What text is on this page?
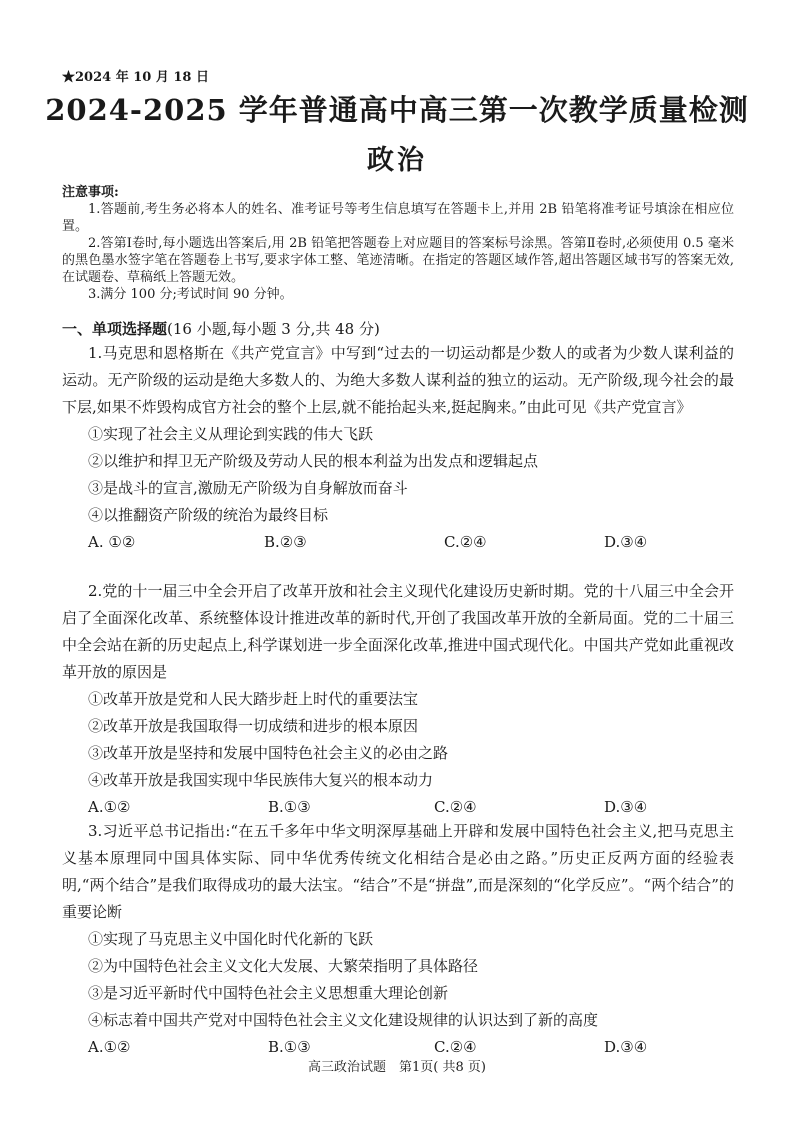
★2024 年 10 月 18 日
2024-2025 学年普通高中高三第一次教学质量检测
政治
注意事项:

1.答题前,考生务必将本人的姓名、准考证号等考生信息填写在答题卡上,并用 2B 铅笔将准考证号填涂在相应位置。

2.答第Ⅰ卷时,每小题选出答案后,用 2B 铅笔把答题卷上对应题目的答案标号涂黑。答第Ⅱ卷时,必须使用 0.5 毫米的黑色墨水签字笔在答题卷上书写,要求字体工整、笔迹清晰。在指定的答题区域作答,超出答题区域书写的答案无效,在试题卷、草稿纸上答题无效。

3.满分 100 分;考试时间 90 分钟。

一、单项选择题(16 小题,每小题 3 分,共 48 分)

1.马克思和恩格斯在《共产党宣言》中写到“过去的一切运动都是少数人的或者为少数人谋利益的运动。无产阶级的运动是绝大多数人的、为绝大多数人谋利益的独立的运动。无产阶级,现今社会的最下层,如果不炸毁构成官方社会的整个上层,就不能抬起头来,挺起胸来。”由此可见《共产党宣言》

①实现了社会主义从理论到实践的伟大飞跃

②以维护和捍卫无产阶级及劳动人民的根本利益为出发点和逻辑起点

③是战斗的宣言,激励无产阶级为自身解放而奋斗

④以推翻资产阶级的统治为最终目标

A. ①②	B.②③	C.②④	D.③④

2.党的十一届三中全会开启了改革开放和社会主义现代化建设历史新时期。党的十八届三中全会开启了全面深化改革、系统整体设计推进改革的新时代,开创了我国改革开放的全新局面。党的二十届三中全会站在新的历史起点上,科学谋划进一步全面深化改革,推进中国式现代化。中国共产党如此重视改革开放的原因是

①改革开放是党和人民大踏步赶上时代的重要法宝

②改革开放是我国取得一切成绩和进步的根本原因

③改革开放是坚持和发展中国特色社会主义的必由之路

④改革开放是我国实现中华民族伟大复兴的根本动力

A.①②	B.①③	C.②④	D.③④

3.习近平总书记指出:“在五千多年中华文明深厚基础上开辟和发展中国特色社会主义,把马克思主义基本原理同中国具体实际、同中华优秀传统文化相结合是必由之路。”历史正反两方面的经验表明,“两个结合”是我们取得成功的最大法宝。“结合”不是“拼盘”,而是深刻的“化学反应”。“两个结合”的重要论断

①实现了马克思主义中国化时代化新的飞跃

②为中国特色社会主义文化大发展、大繁荣指明了具体路径

③是习近平新时代中国特色社会主义思想重大理论创新

④标志着中国共产党对中国特色社会主义文化建设规律的认识达到了新的高度

A.①②	B.①③	C.②④	D.③④
高三政治试题　第1页( 共8 页)
